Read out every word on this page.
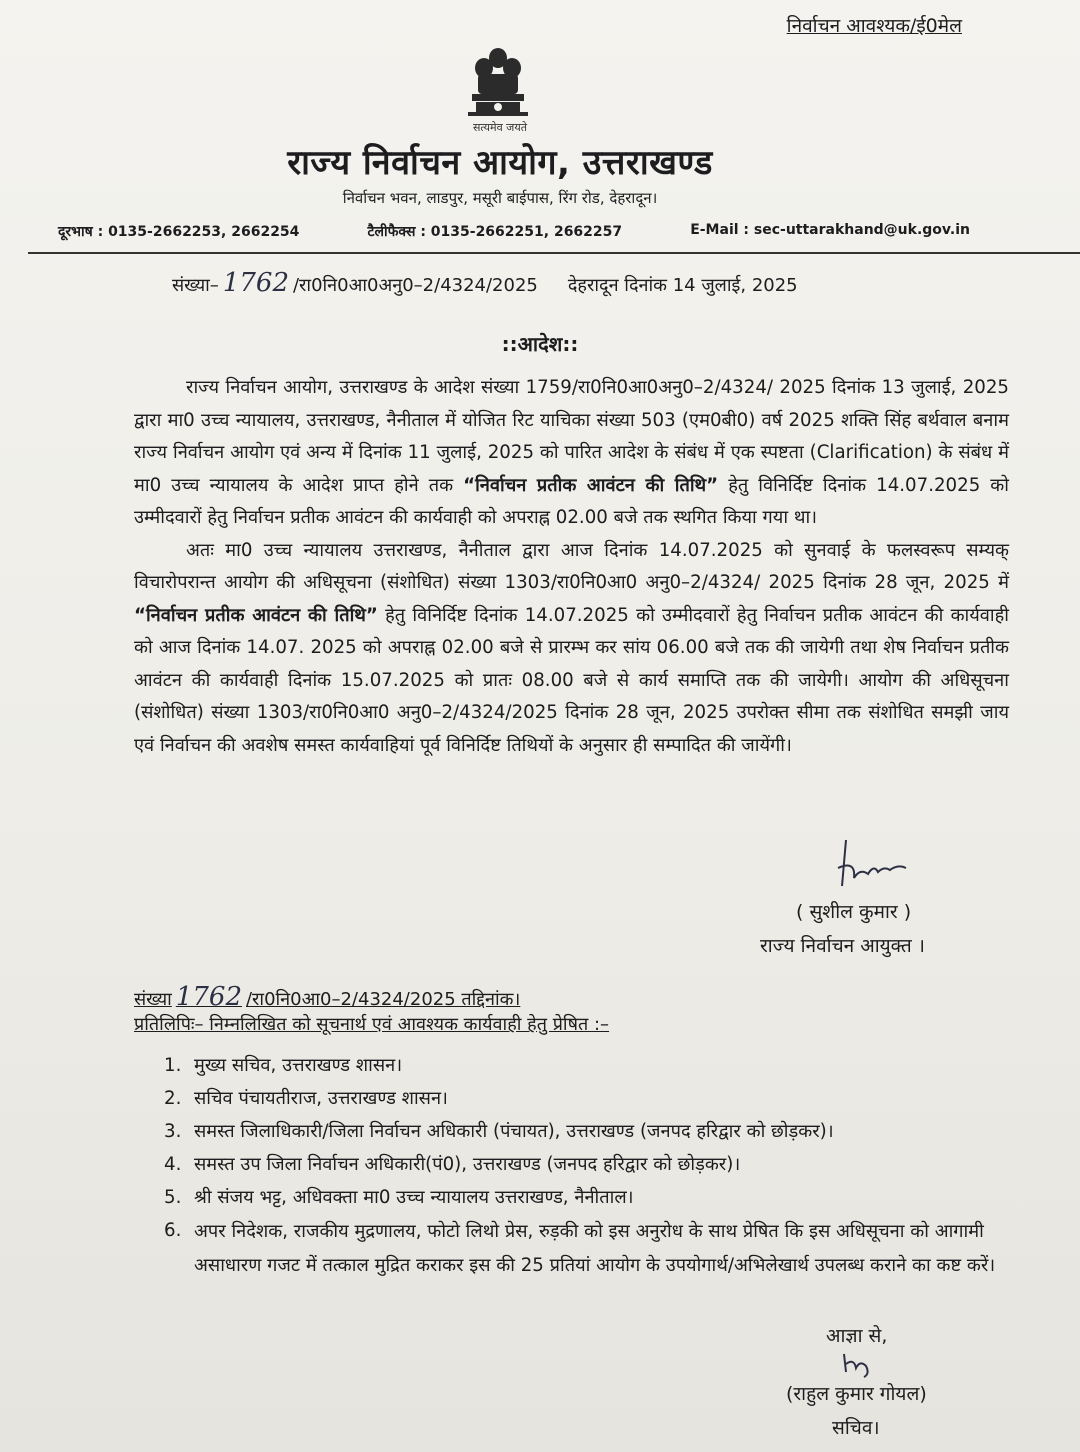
निर्वाचन आवश्यक/ई0मेल
सत्यमेव जयते
राज्य निर्वाचन आयोग, उत्तराखण्ड
निर्वाचन भवन, लाडपुर, मसूरी बाईपास, रिंग रोड, देहरादून।
दूरभाष : 0135-2662253, 2662254	टैलीफैक्स : 0135-2662251, 2662257	E-Mail : sec-uttarakhand@uk.gov.in
संख्या– 1762 /रा0नि0आ0अनु0–2/4324/2025 देहरादून दिनांक 14 जुलाई, 2025
::आदेश::

राज्य निर्वाचन आयोग, उत्तराखण्ड के आदेश संख्या 1759/रा0नि0आ0अनु0–2/4324/ 2025 दिनांक 13 जुलाई, 2025 द्वारा मा0 उच्च न्यायालय, उत्तराखण्ड, नैनीताल में योजित रिट याचिका संख्या 503 (एम0बी0) वर्ष 2025 शक्ति सिंह बर्थवाल बनाम राज्य निर्वाचन आयोग एवं अन्य में दिनांक 11 जुलाई, 2025 को पारित आदेश के संबंध में एक स्पष्टता (Clarification) के संबंध में मा0 उच्च न्यायालय के आदेश प्राप्त होने तक “निर्वाचन प्रतीक आवंटन की तिथि” हेतु विनिर्दिष्ट दिनांक 14.07.2025 को उम्मीदवारों हेतु निर्वाचन प्रतीक आवंटन की कार्यवाही को अपराह्न 02.00 बजे तक स्थगित किया गया था।

अतः मा0 उच्च न्यायालय उत्तराखण्ड, नैनीताल द्वारा आज दिनांक 14.07.2025 को सुनवाई के फलस्वरूप सम्यक् विचारोपरान्त आयोग की अधिसूचना (संशोधित) संख्या 1303/रा0नि0आ0 अनु0–2/4324/ 2025 दिनांक 28 जून, 2025 में “निर्वाचन प्रतीक आवंटन की तिथि” हेतु विनिर्दिष्ट दिनांक 14.07.2025 को उम्मीदवारों हेतु निर्वाचन प्रतीक आवंटन की कार्यवाही को आज दिनांक 14.07. 2025 को अपराह्न 02.00 बजे से प्रारम्भ कर सांय 06.00 बजे तक की जायेगी तथा शेष निर्वाचन प्रतीक आवंटन की कार्यवाही दिनांक 15.07.2025 को प्रातः 08.00 बजे से कार्य समाप्ति तक की जायेगी। आयोग की अधिसूचना (संशोधित) संख्या 1303/रा0नि0आ0 अनु0–2/4324/2025 दिनांक 28 जून, 2025 उपरोक्त सीमा तक संशोधित समझी जाय एवं निर्वाचन की अवशेष समस्त कार्यवाहियां पूर्व विनिर्दिष्ट तिथियों के अनुसार ही सम्पादित की जायेंगी।

( सुशील कुमार )
राज्य निर्वाचन आयुक्त ।
संख्या 1762 /रा0नि0आ0–2/4324/2025 तद्दिनांक।
प्रतिलिपिः– निम्नलिखित को सूचनार्थ एवं आवश्यक कार्यवाही हेतु प्रेषित :–
1. मुख्य सचिव, उत्तराखण्ड शासन।
2. सचिव पंचायतीराज, उत्तराखण्ड शासन।
3. समस्त जिलाधिकारी/जिला निर्वाचन अधिकारी (पंचायत), उत्तराखण्ड (जनपद हरिद्वार को छोड़कर)।
4. समस्त उप जिला निर्वाचन अधिकारी(पं0), उत्तराखण्ड (जनपद हरिद्वार को छोड़कर)।
5. श्री संजय भट्ट, अधिवक्ता मा0 उच्च न्यायालय उत्तराखण्ड, नैनीताल।
6. अपर निदेशक, राजकीय मुद्रणालय, फोटो लिथो प्रेस, रुड़की को इस अनुरोध के साथ प्रेषित कि इस अधिसूचना को आगामी असाधारण गजट में तत्काल मुद्रित कराकर इस की 25 प्रतियां आयोग के उपयोगार्थ/अभिलेखार्थ उपलब्ध कराने का कष्ट करें।
आज्ञा से,
(राहुल कुमार गोयल)
सचिव।
